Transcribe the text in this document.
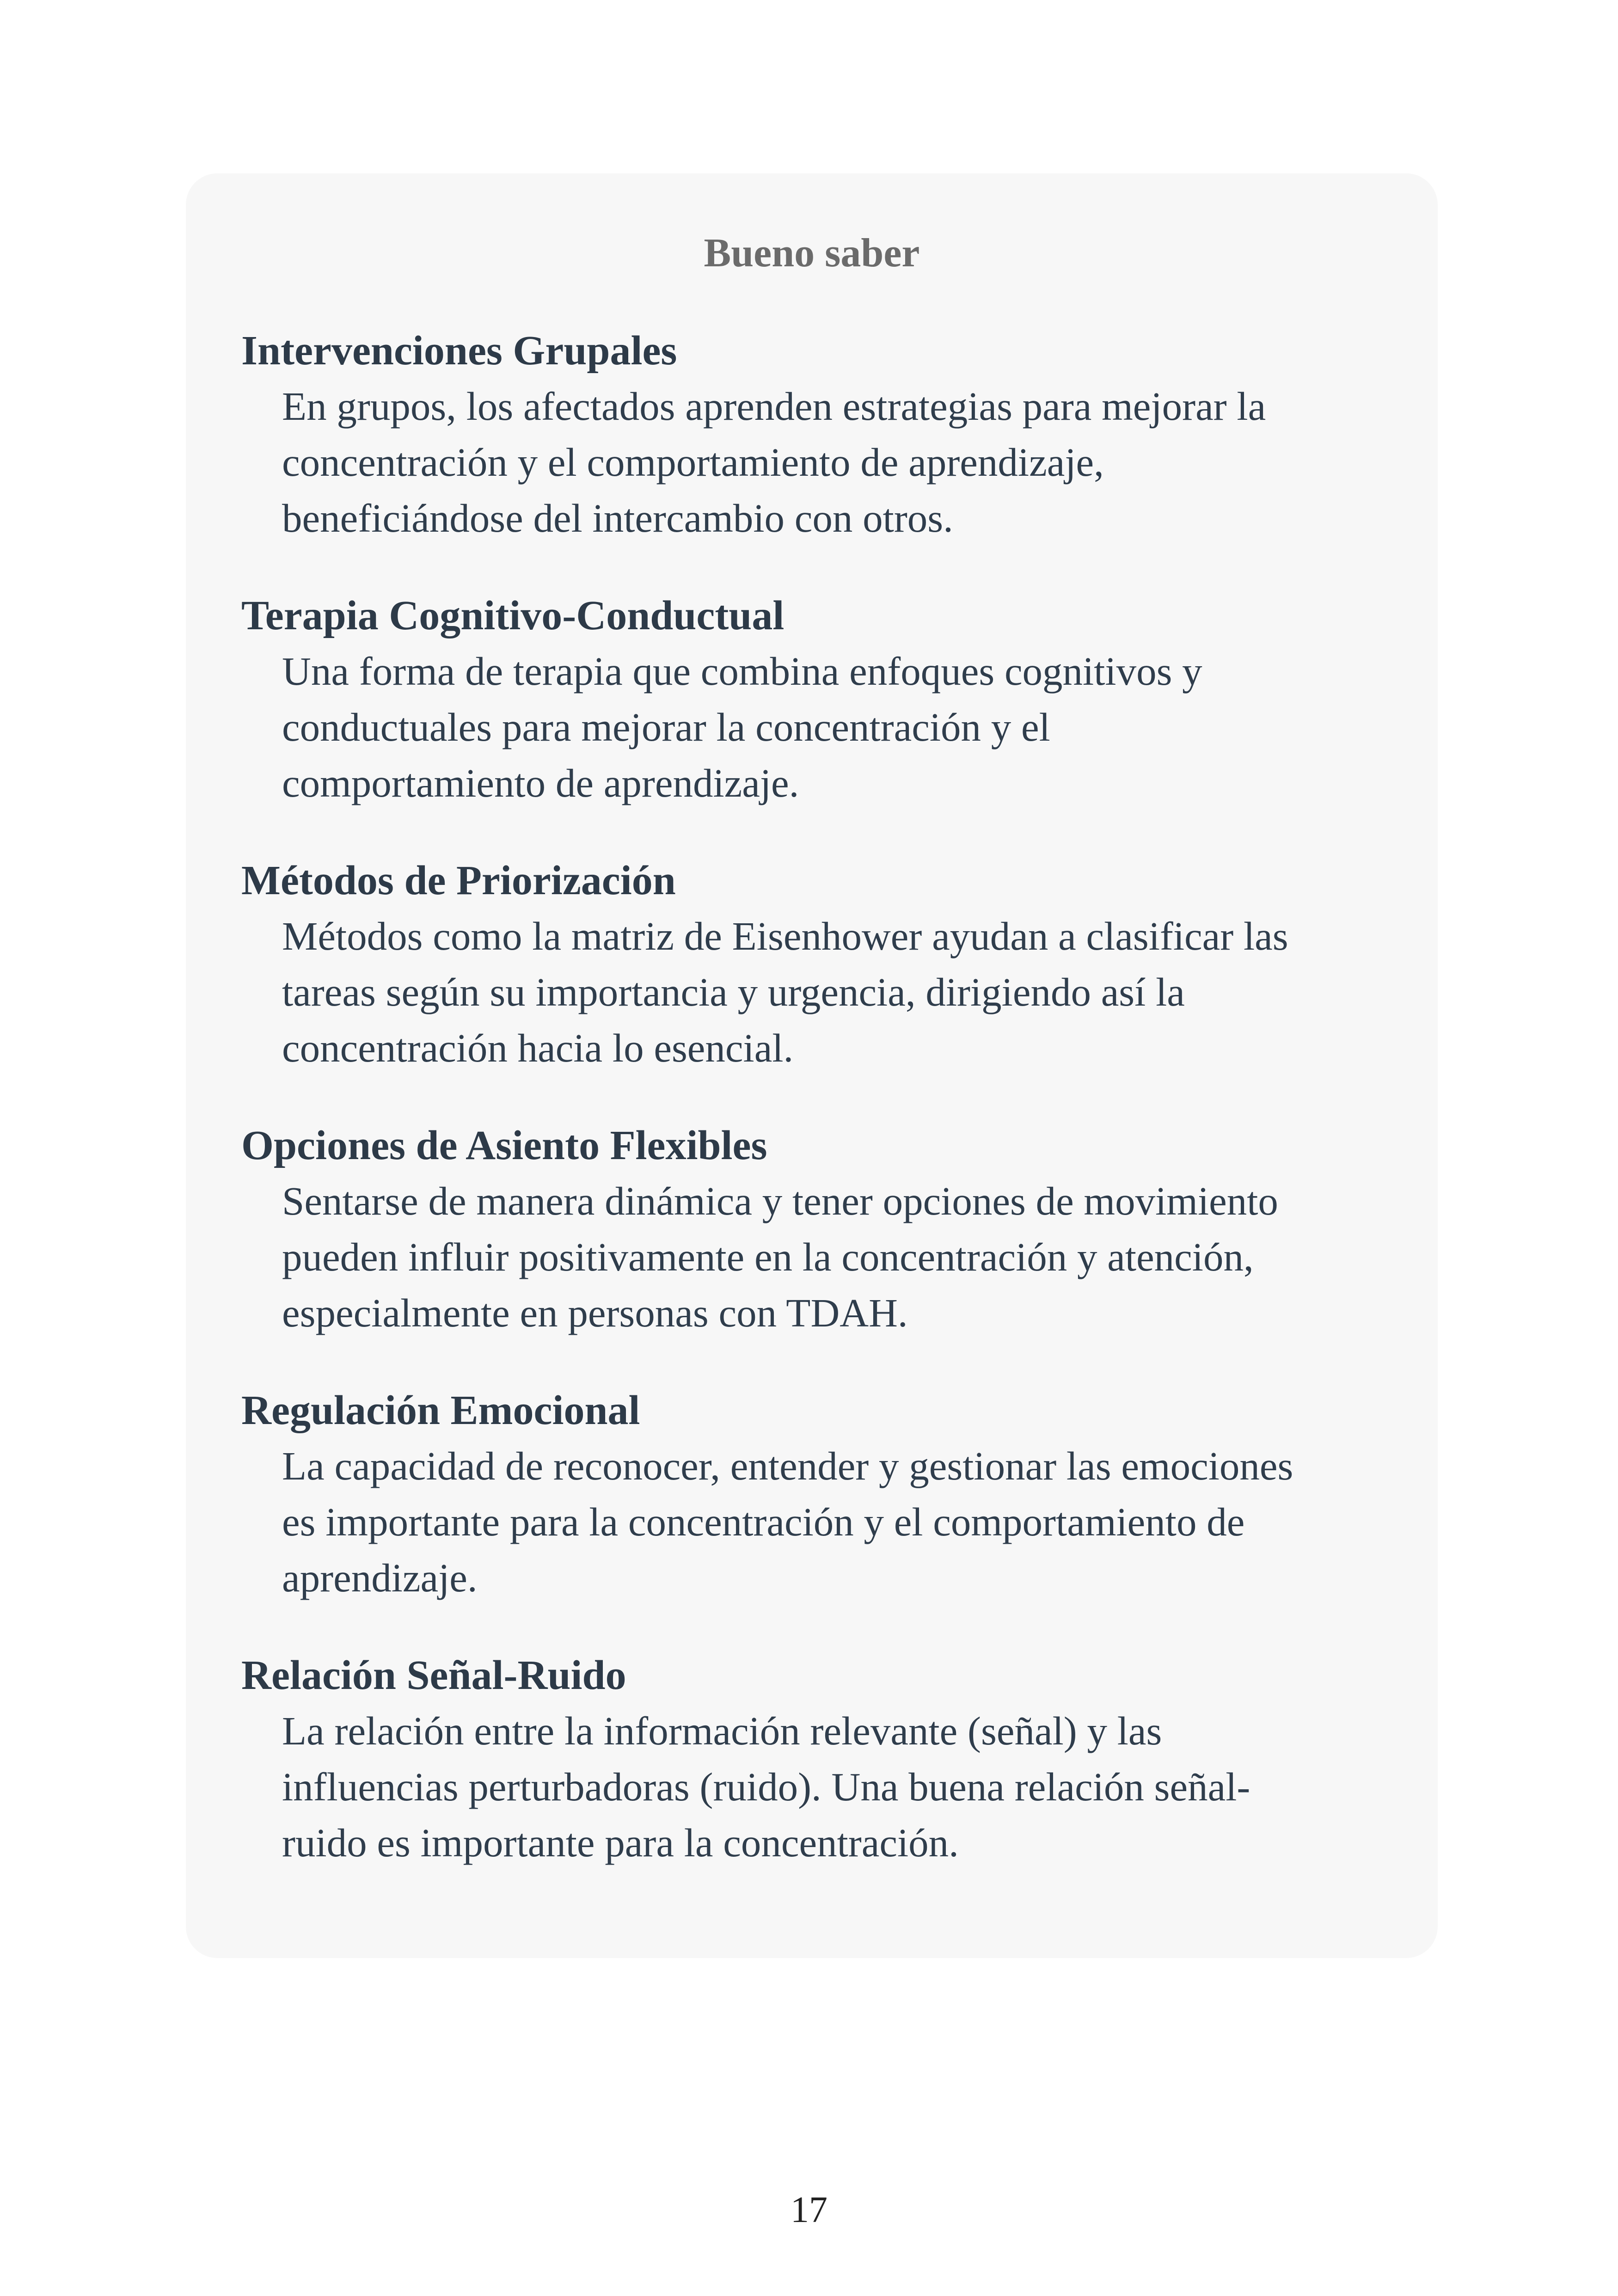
Bueno saber
Intervenciones Grupales
En grupos, los afectados aprenden estrategias para mejorar la
concentración y el comportamiento de aprendizaje,
beneficiándose del intercambio con otros.
Terapia Cognitivo-Conductual
Una forma de terapia que combina enfoques cognitivos y
conductuales para mejorar la concentración y el
comportamiento de aprendizaje.
Métodos de Priorización
Métodos como la matriz de Eisenhower ayudan a clasificar las
tareas según su importancia y urgencia, dirigiendo así la
concentración hacia lo esencial.
Opciones de Asiento Flexibles
Sentarse de manera dinámica y tener opciones de movimiento
pueden influir positivamente en la concentración y atención,
especialmente en personas con TDAH.
Regulación Emocional
La capacidad de reconocer, entender y gestionar las emociones
es importante para la concentración y el comportamiento de
aprendizaje.
Relación Señal-Ruido
La relación entre la información relevante (señal) y las
influencias perturbadoras (ruido). Una buena relación señal-
ruido es importante para la concentración.
17
